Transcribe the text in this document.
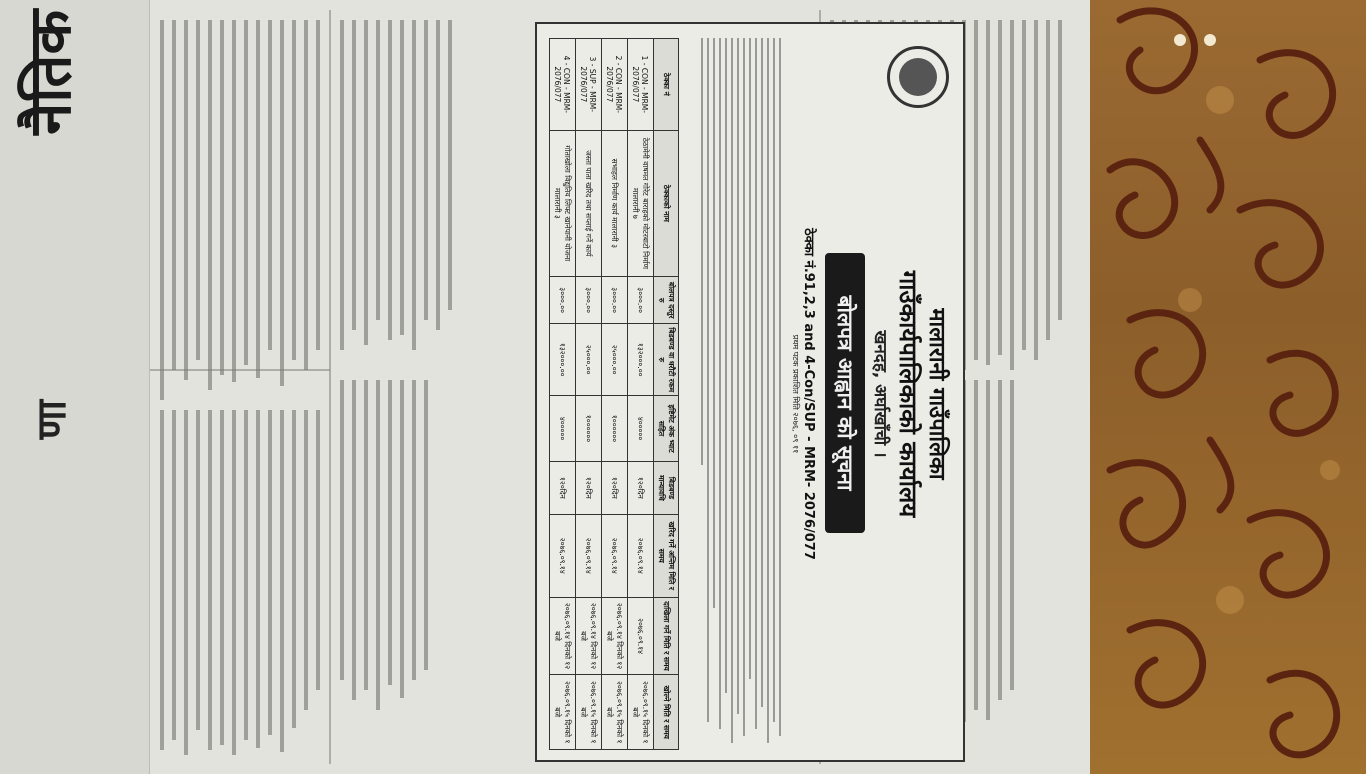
नैतिक
णा	मालारानी गाउँपालिका
गाउँकार्यपालिकाको कार्यालय
खनदह, अर्घाखाँची ।
बोलपत्र आह्वान को सूचना
ठेक्का नं.91,2,3 and 4-Con/SUP - MRM- 2076/077
प्रथम पटक प्रकाशित मिति २०७६, ०९ ११
ठेक्का नं	ठेक्काको नाम	बोलपत्र दस्तुर रु	बिडबण्ड वा धरौटी रकम रु	इष्टिमेट अंक भ्याट सहित	बिडबण्ड मान्यावधि	खरिद गर्ने अन्तिम मिति र समय	दाखिला गर्ने मिति र समय	खोल्ने मिति र समय
1 - CON - MRM- 2076/077	ठेठामेनी वाषमत गोरेट बाराहको मोटरबाटो निर्माण मालारानी ७	३०००.००	१३२०००.००	४०००००	१२०दिन	२०७६.०९.१४	२०७६.०९.१४	२०७६.०९.१५ दिनको १ बजे
2 - CON - MRM- 2076/077	सभाहल निर्माण कार्य मालारानी ३	३०००.००	२५०००.००	१००००००	१२०दिन	२०७६.०९.१४	२०७६.०९.१४ दिनको १२ बजे	२०७६.०९.१५ दिनको १ बजे
3 - SUP - MRM- 2076/077	जस्ता पाता खरिद तथा सप्लाई गर्ने कार्य	३०००.००	२५०००.००	१००००००	१२०दिन	२०७६.०९.१४	२०७६.०९.१४ दिनको १२ बजे	२०७६.०९.१५ दिनको १ बजे
4 - CON - MRM- 2076/077	गोताखोला विद्युतिय लिफ्ट खानेपानी योजना मालारानी ३	३०००.००	१३२०००.००	४०००००	१२०दिन	२०७६.०९.१४	२०७६.०९.१४ दिनको १२ बजे	२०७६.०९.१५ दिनको १ बजे
